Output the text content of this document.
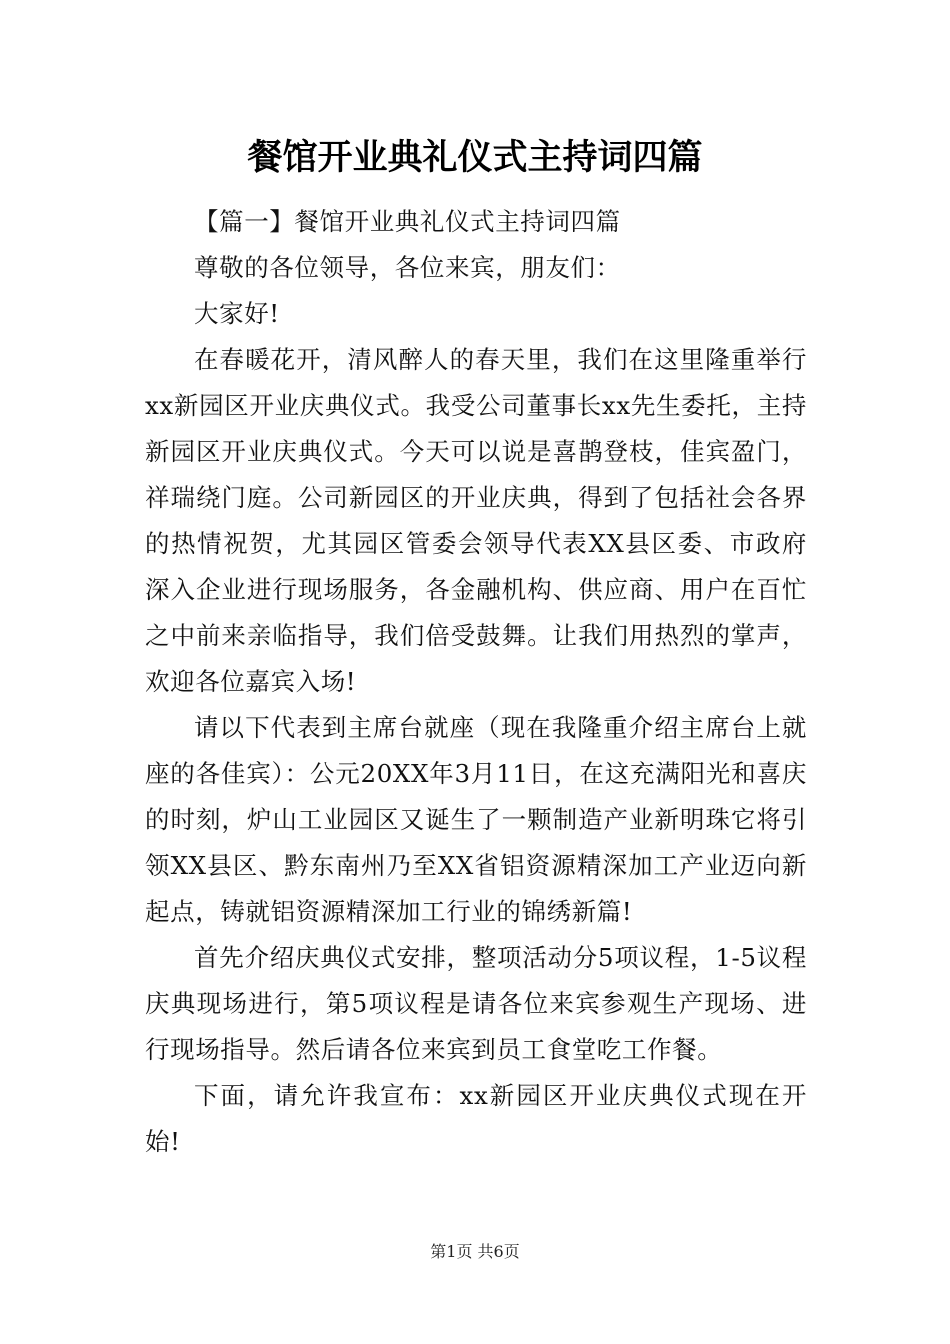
餐馆开业典礼仪式主持词四篇

【篇一】餐馆开业典礼仪式主持词四篇

尊敬的各位领导，各位来宾，朋友们：

大家好!

在春暖花开，清风醉人的春天里，我们在这里隆重举行xx新园区开业庆典仪式。我受公司董事长xx先生委托，主持新园区开业庆典仪式。今天可以说是喜鹊登枝，佳宾盈门，祥瑞绕门庭。公司新园区的开业庆典，得到了包括社会各界的热情祝贺，尤其园区管委会领导代表XX县区委、市政府深入企业进行现场服务，各金融机构、供应商、用户在百忙之中前来亲临指导，我们倍受鼓舞。让我们用热烈的掌声，欢迎各位嘉宾入场!

请以下代表到主席台就座（现在我隆重介绍主席台上就座的各佳宾）：公元20XX年3月11日，在这充满阳光和喜庆的时刻，炉山工业园区又诞生了一颗制造产业新明珠它将引领XX县区、黔东南州乃至XX省铝资源精深加工产业迈向新起点，铸就铝资源精深加工行业的锦绣新篇!

首先介绍庆典仪式安排，整项活动分5项议程，1-5议程庆典现场进行，第5项议程是请各位来宾参观生产现场、进行现场指导。然后请各位来宾到员工食堂吃工作餐。

下面，请允许我宣布：xx新园区开业庆典仪式现在开始!

第1页 共6页
